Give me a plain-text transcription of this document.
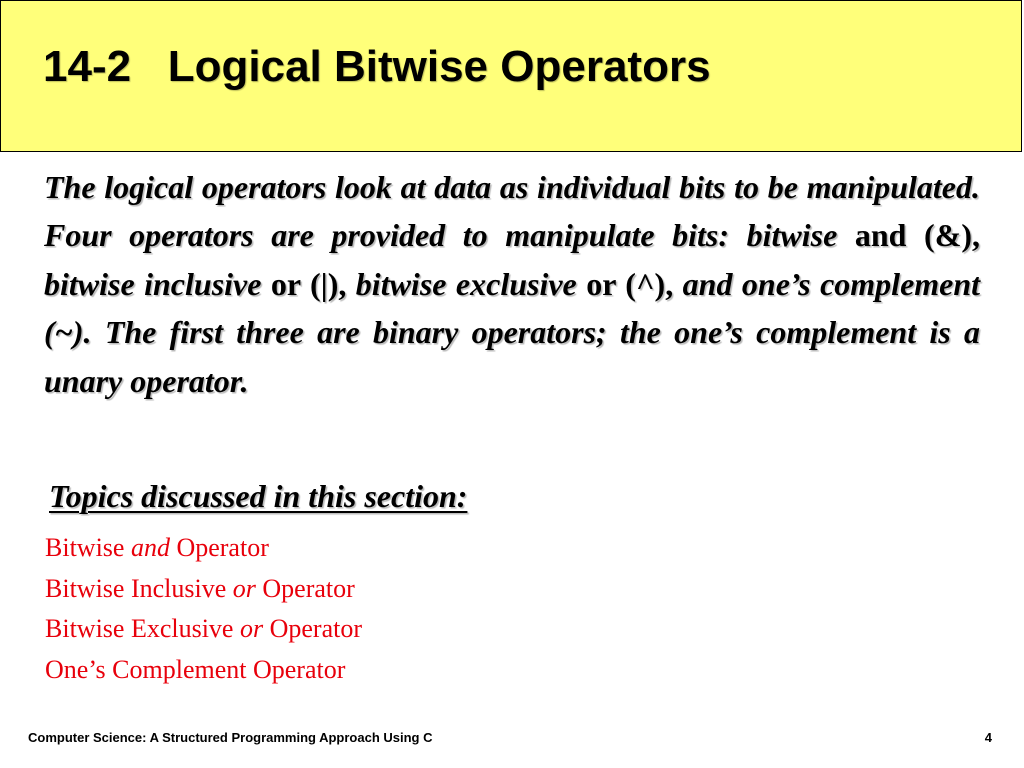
14-2   Logical Bitwise Operators

The logical operators look at data as individual bits to be manipulated. Four operators are provided to manipulate bits: bitwise and (&), bitwise inclusive or (|), bitwise exclusive or (^), and one’s complement (~). The first three are binary operators; the one’s complement is a unary operator.

Topics discussed in this section:
Bitwise and Operator
Bitwise Inclusive or Operator
Bitwise Exclusive or Operator
One’s Complement Operator
Computer Science: A Structured Programming Approach Using C	4
